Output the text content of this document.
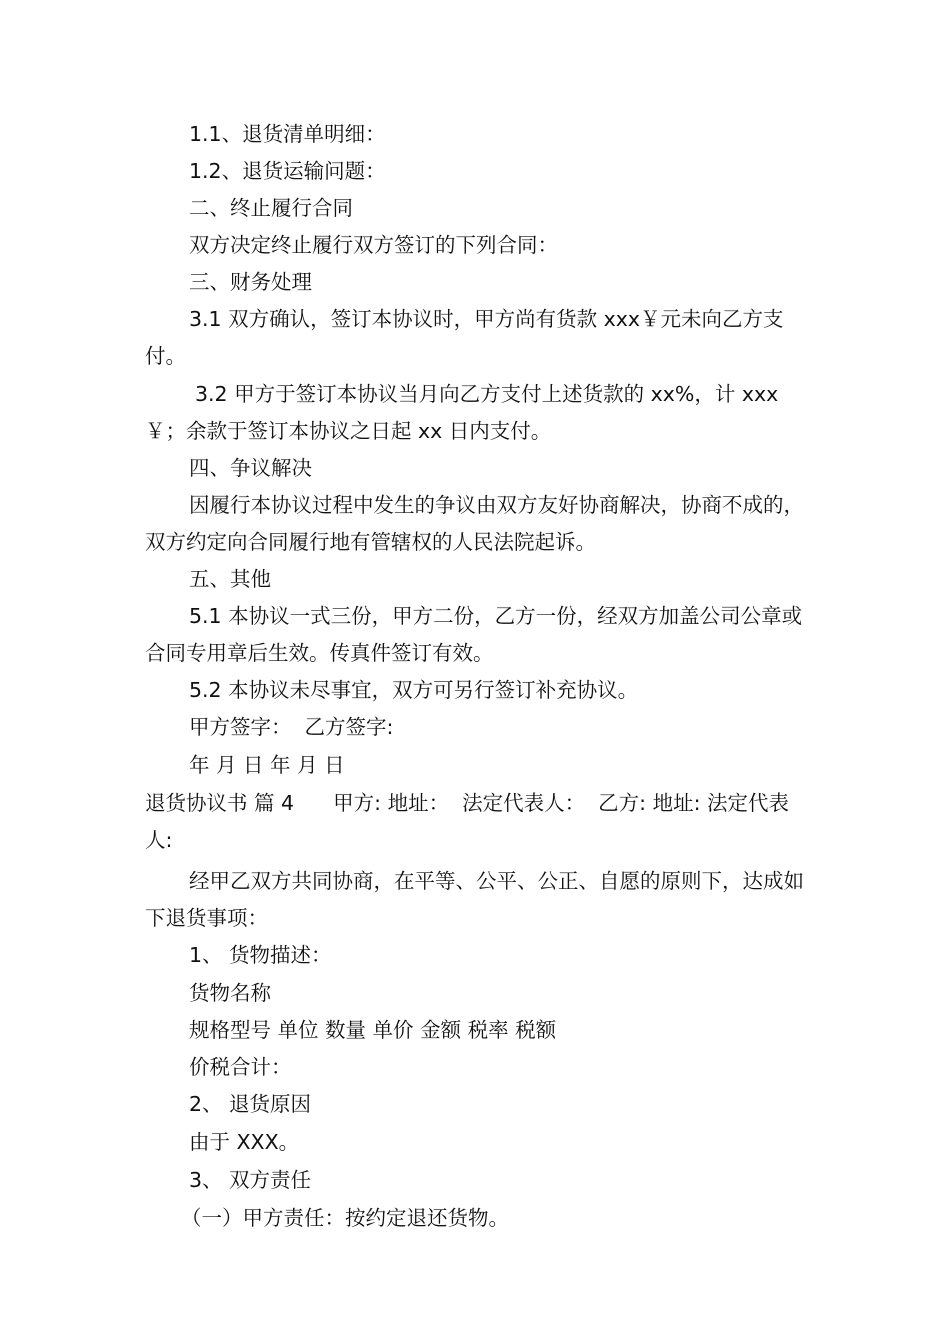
1.1、退货清单明细：

1.2、退货运输问题：

二、终止履行合同

双方决定终止履行双方签订的下列合同：

三、财务处理

3.1 双方确认，签订本协议时，甲方尚有货款 xxx￥元未向乙方支付。

3.2 甲方于签订本协议当月向乙方支付上述货款的 xx%，计 xxx￥；余款于签订本协议之日起 xx 日内支付。

四、争议解决

因履行本协议过程中发生的争议由双方友好协商解决，协商不成的，双方约定向合同履行地有管辖权的人民法院起诉。

五、其他

5.1 本协议一式三份，甲方二份，乙方一份，经双方加盖公司公章或合同专用章后生效。传真件签订有效。

5.2 本协议未尽事宜，双方可另行签订补充协议。

甲方签字：  乙方签字:

年 月 日 年 月 日

退货协议书 篇 4      甲方: 地址：  法定代表人：  乙方: 地址: 法定代表人:

经甲乙双方共同协商，在平等、公平、公正、自愿的原则下，达成如下退货事项：

1、 货物描述：

货物名称

规格型号 单位 数量 单价 金额 税率 税额

价税合计：

2、 退货原因

由于 XXX。

3、 双方责任

（一）甲方责任：按约定退还货物。
